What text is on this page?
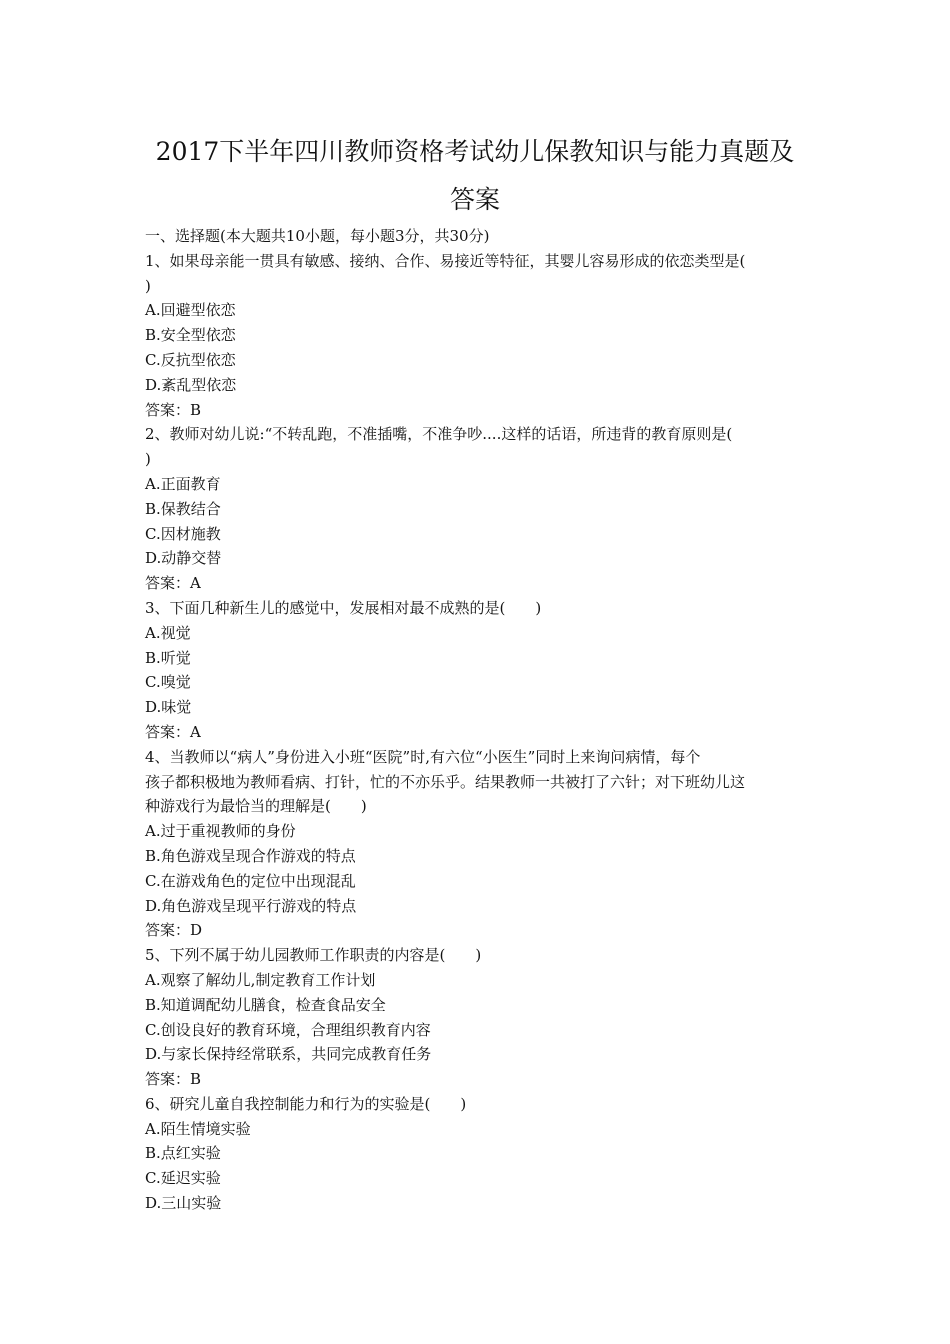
2017下半年四川教师资格考试幼儿保教知识与能力真题及
答案
一、选择题(本大题共10小题，每小题3分，共30分)
1、如果母亲能一贯具有敏感、接纳、合作、易接近等特征，其婴儿容易形成的依恋类型是(
)
A.回避型依恋
B.安全型依恋
C.反抗型依恋
D.紊乱型依恋
答案：B
2、教师对幼儿说:“不转乱跑，不准插嘴，不准争吵....这样的话语，所违背的教育原则是(
)
A.正面教育
B.保教结合
C.因材施教
D.动静交替
答案：A
3、下面几种新生儿的感觉中，发展相对最不成熟的是(　　)
A.视觉
B.听觉
C.嗅觉
D.味觉
答案：A
4、当教师以“病人”身份进入小班“医院”时,有六位“小医生”同时上来询问病情，每个
孩子都积极地为教师看病、打针，忙的不亦乐乎。结果教师一共被打了六针；对下班幼儿这
种游戏行为最恰当的理解是(　　)
A.过于重视教师的身份
B.角色游戏呈现合作游戏的特点
C.在游戏角色的定位中出现混乱
D.角色游戏呈现平行游戏的特点
答案：D
5、下列不属于幼儿园教师工作职责的内容是(　　)
A.观察了解幼儿,制定教育工作计划
B.知道调配幼儿膳食，检查食品安全
C.创设良好的教育环境，合理组织教育内容
D.与家长保持经常联系，共同完成教育任务
答案：B
6、研究儿童自我控制能力和行为的实验是(　　)
A.陌生情境实验
B.点红实验
C.延迟实验
D.三山实验
